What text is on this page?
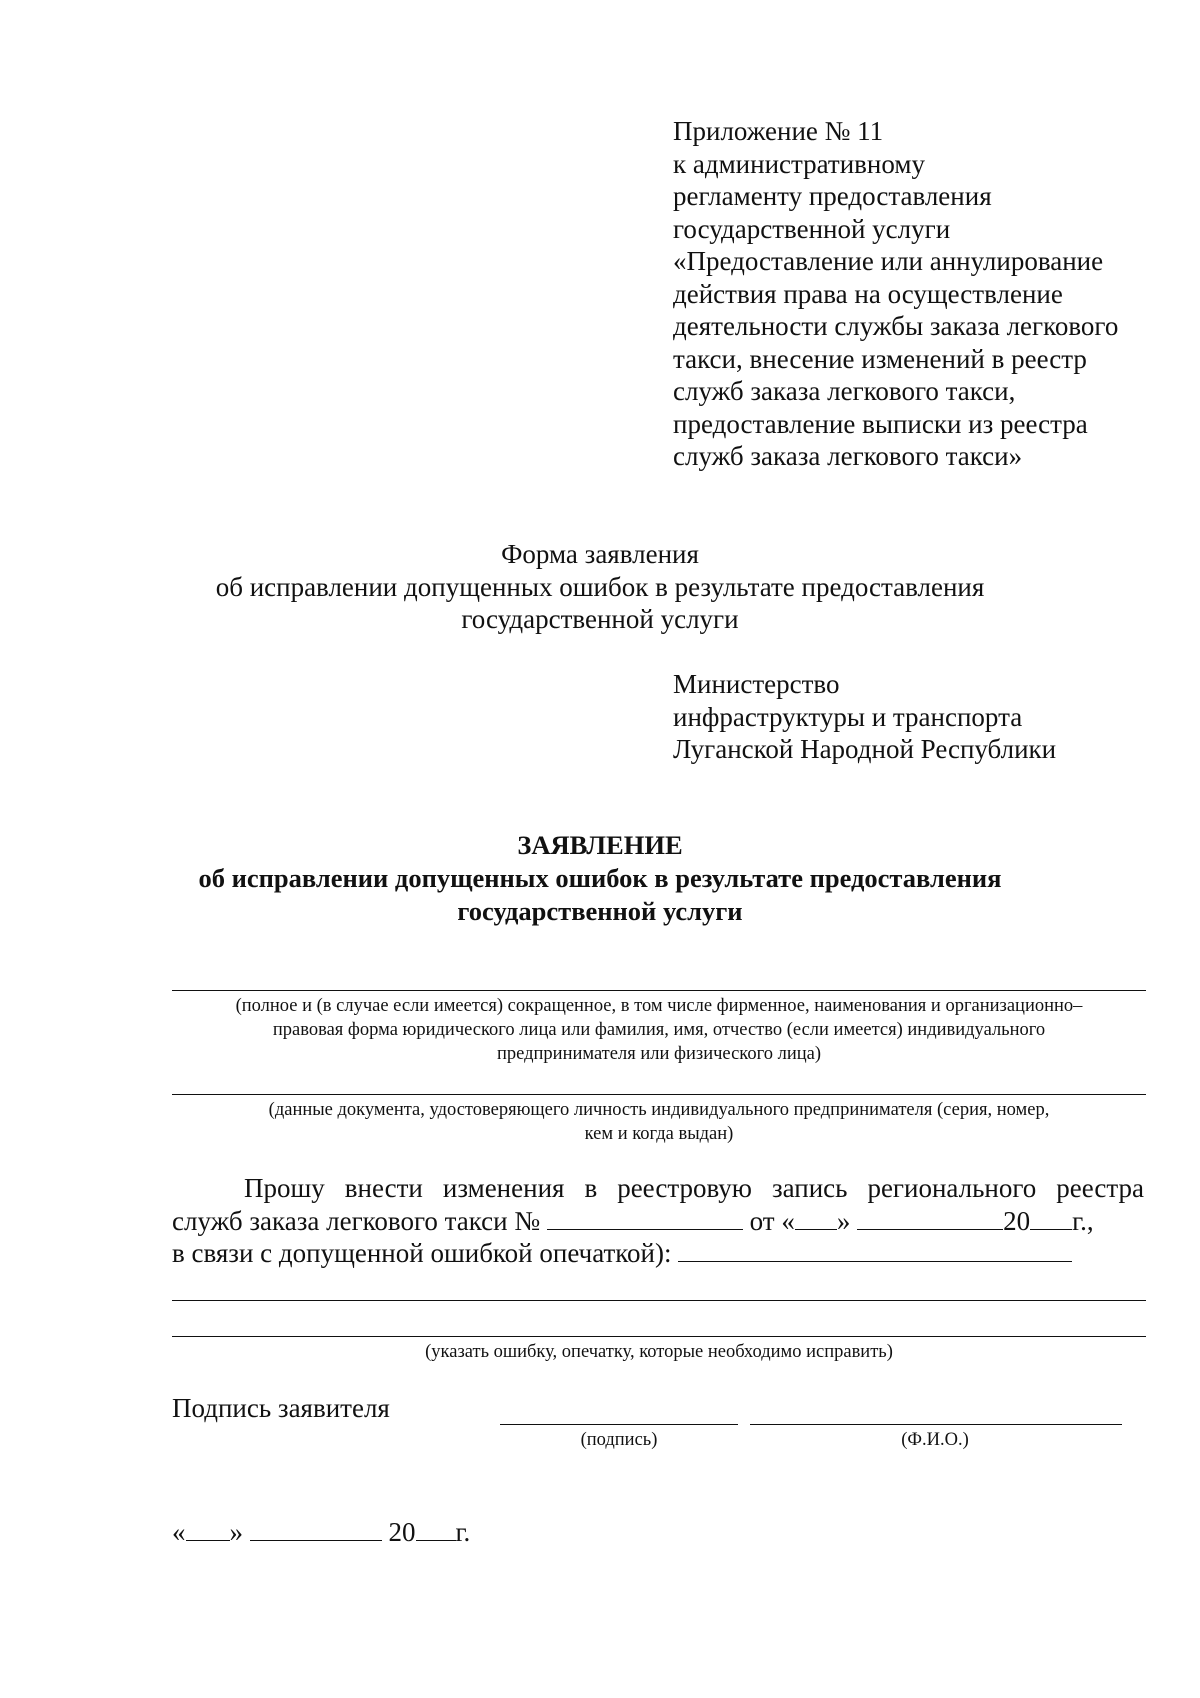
Приложение № 11
к административному
регламенту предоставления
государственной услуги
«Предоставление или аннулирование
действия права на осуществление
деятельности службы заказа легкового
такси, внесение изменений в реестр
служб заказа легкового такси,
предоставление выписки из реестра
служб заказа легкового такси»
Форма заявления
об исправлении допущенных ошибок в результате предоставления
государственной услуги
Министерство
инфраструктуры и транспорта
Луганской Народной Республики
ЗАЯВЛЕНИЕ
об исправлении допущенных ошибок в результате предоставления
государственной услуги
(полное и (в случае если имеется) сокращенное, в том числе фирменное, наименования и организационно–
правовая форма юридического лица или фамилия, имя, отчество (если имеется) индивидуального
предпринимателя или физического лица)
(данные документа, удостоверяющего личность индивидуального предпринимателя (серия, номер,
кем и когда выдан)
Прошу внести изменения в реестровую запись регионального реестра
служб заказа легкового такси №	от « »	20 г.,
в связи с допущенной ошибкой опечаткой):
(указать ошибку, опечатку, которые необходимо исправить)
Подпись заявителя
(подпись)	(Ф.И.О.)
« »	20 г.
